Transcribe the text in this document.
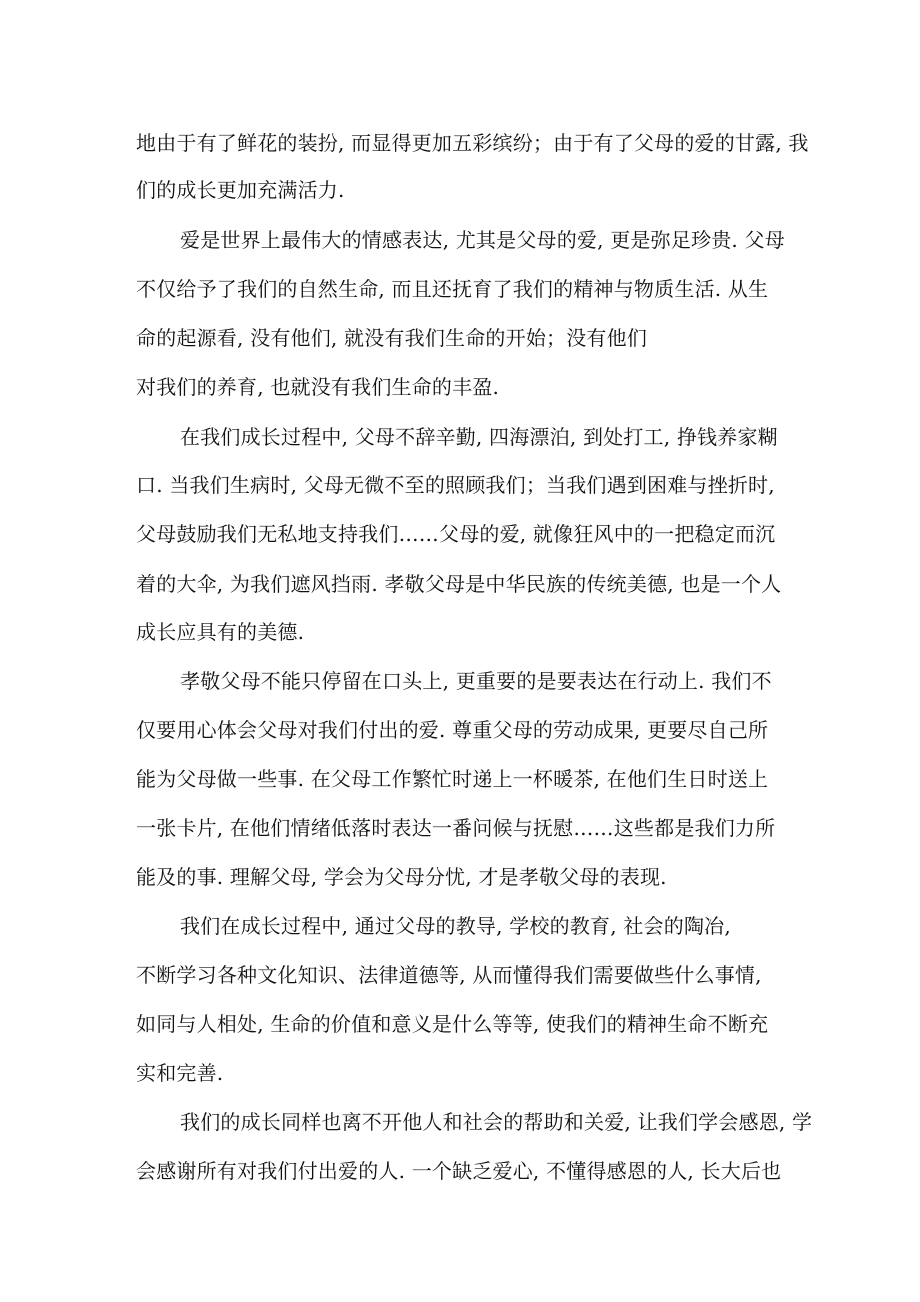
地由于有了鲜花的装扮, 而显得更加五彩缤纷；由于有了父母的爱的甘露, 我
们的成长更加充满活力.
爱是世界上最伟大的情感表达, 尤其是父母的爱, 更是弥足珍贵. 父母
不仅给予了我们的自然生命, 而且还抚育了我们的精神与物质生活. 从生
命的起源看, 没有他们, 就没有我们生命的开始；没有他们
对我们的养育, 也就没有我们生命的丰盈.
在我们成长过程中, 父母不辞辛勤, 四海漂泊, 到处打工, 挣钱养家糊
口. 当我们生病时, 父母无微不至的照顾我们；当我们遇到困难与挫折时,
父母鼓励我们无私地支持我们……父母的爱, 就像狂风中的一把稳定而沉
着的大伞, 为我们遮风挡雨. 孝敬父母是中华民族的传统美德, 也是一个人
成长应具有的美德.
孝敬父母不能只停留在口头上, 更重要的是要表达在行动上. 我们不
仅要用心体会父母对我们付出的爱. 尊重父母的劳动成果, 更要尽自己所
能为父母做一些事. 在父母工作繁忙时递上一杯暖茶, 在他们生日时送上
一张卡片, 在他们情绪低落时表达一番问候与抚慰……这些都是我们力所
能及的事. 理解父母, 学会为父母分忧, 才是孝敬父母的表现.
我们在成长过程中, 通过父母的教导, 学校的教育, 社会的陶冶,
不断学习各种文化知识、法律道德等, 从而懂得我们需要做些什么事情,
如同与人相处, 生命的价值和意义是什么等等, 使我们的精神生命不断充
实和完善.
我们的成长同样也离不开他人和社会的帮助和关爱, 让我们学会感恩, 学
会感谢所有对我们付出爱的人. 一个缺乏爱心, 不懂得感恩的人, 长大后也
